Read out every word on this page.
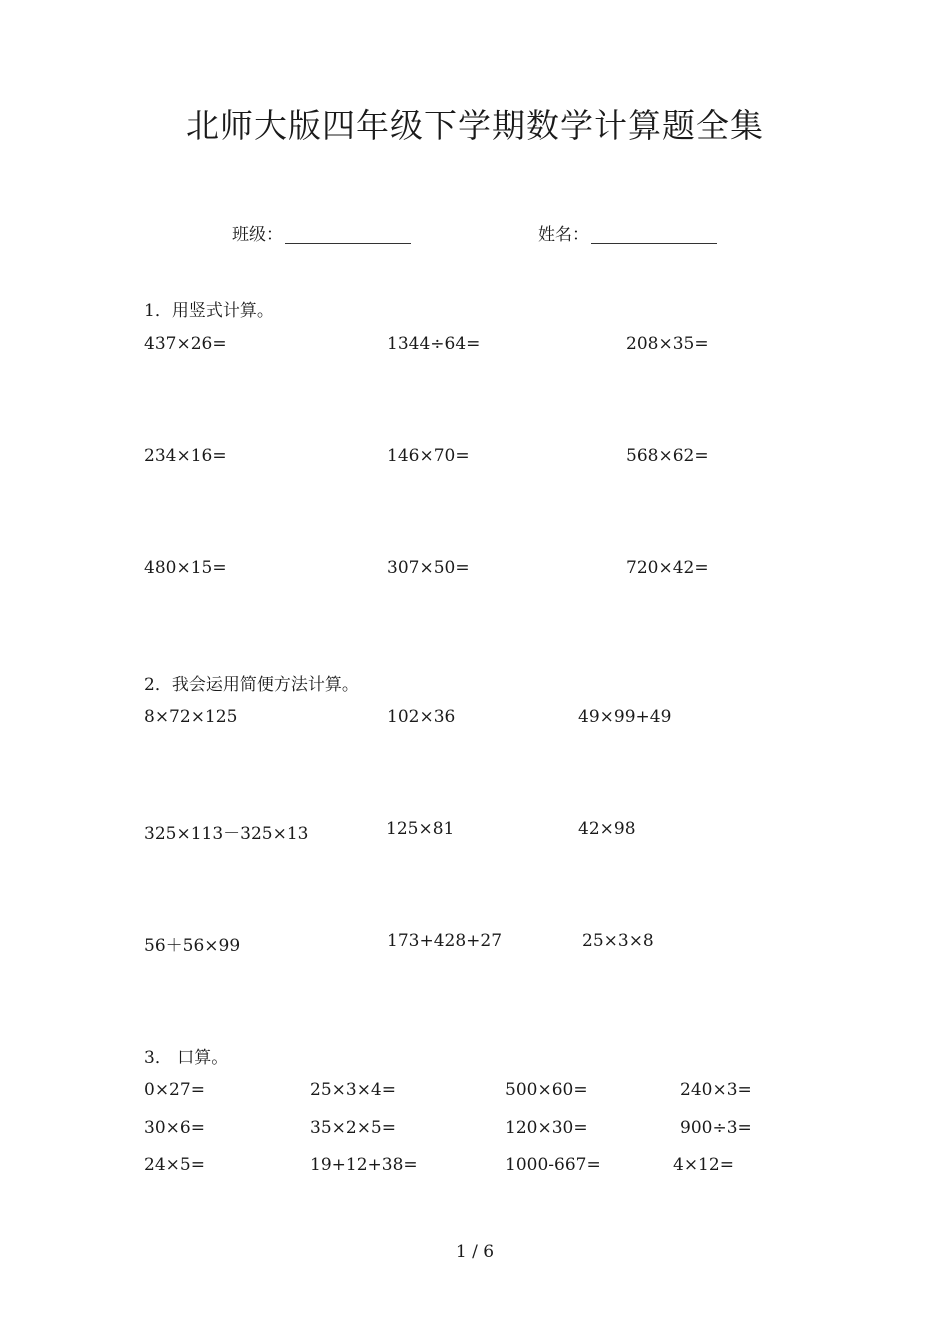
北师大版四年级下学期数学计算题全集
班级：	姓名：
1．用竖式计算。
437×26=	1344÷64=	208×35=
234×16=	146×70=	568×62=
480×15=	307×50=	720×42=
2．我会运用简便方法计算。
8×72×125	102×36	49×99+49
325×113－325×13	125×81	42×98
56＋56×99	173+428+27	25×3×8
3． 口算。
0×27=	25×3×4=	500×60=	240×3=
30×6=	35×2×5=	120×30=	900÷3=
24×5=	19+12+38=	1000-667=	4×12=
1 / 6
